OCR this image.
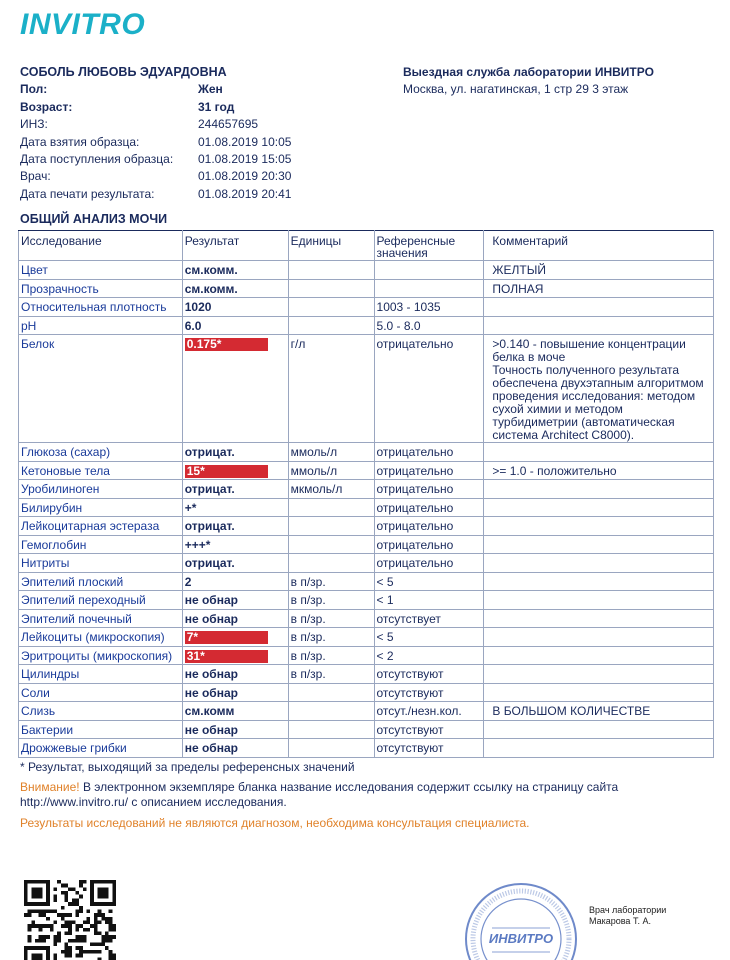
INVITRO
СОБОЛЬ ЛЮБОВЬ ЭДУАРДОВНА
Пол:	Жен
Возраст:	31 год
ИНЗ:	244657695
Дата взятия образца:	01.08.2019 10:05
Дата поступления образца:	01.08.2019 15:05
Врач:	01.08.2019 20:30
Дата печати результата:	01.08.2019 20:41
Выездная служба лаборатории ИНВИТРО
Москва, ул. нагатинская, 1 стр 29 3 этаж
ОБЩИЙ АНАЛИЗ МОЧИ
Исследование	Результат	Единицы	Референсные значения	Комментарий
Цвет	см.комм.			ЖЕЛТЫЙ
Прозрачность	см.комм.			ПОЛНАЯ
Относительная плотность	1020		1003 - 1035	
pH	6.0		5.0 - 8.0	
Белок	0.175*	г/л	отрицательно	>0.140 - повышение концентрации белка в моче
Точность полученного результата обеспечена двухэтапным алгоритмом проведения исследования: методом сухой химии и методом турбидиметрии (автоматическая система Architect C8000).
Глюкоза (сахар)	отрицат.	ммоль/л	отрицательно	
Кетоновые тела	15*	ммоль/л	отрицательно	>= 1.0 - положительно
Уробилиноген	отрицат.	мкмоль/л	отрицательно	
Билирубин	+*		отрицательно	
Лейкоцитарная эстераза	отрицат.		отрицательно	
Гемоглобин	+++*		отрицательно	
Нитриты	отрицат.		отрицательно	
Эпителий плоский	2	в п/зр.	< 5	
Эпителий переходный	не обнар	в п/зр.	< 1	
Эпителий почечный	не обнар	в п/зр.	отсутствует	
Лейкоциты (микроскопия)	7*	в п/зр.	< 5	
Эритроциты (микроскопия)	31*	в п/зр.	< 2	
Цилиндры	не обнар	в п/зр.	отсутствуют	
Соли	не обнар		отсутствуют	
Слизь	см.комм		отсут./незн.кол.	В БОЛЬШОМ КОЛИЧЕСТВЕ
Бактерии	не обнар		отсутствуют	
Дрожжевые грибки	не обнар		отсутствуют	
* Результат, выходящий за пределы референсных значений
Внимание! В электронном экземпляре бланка название исследования содержит ссылку на страницу сайта
http://www.invitro.ru/ с описанием исследования.
Результаты исследований не являются диагнозом, необходима консультация специалиста.
ИНВИТРО
Врач лаборатории
Макарова Т. А.
